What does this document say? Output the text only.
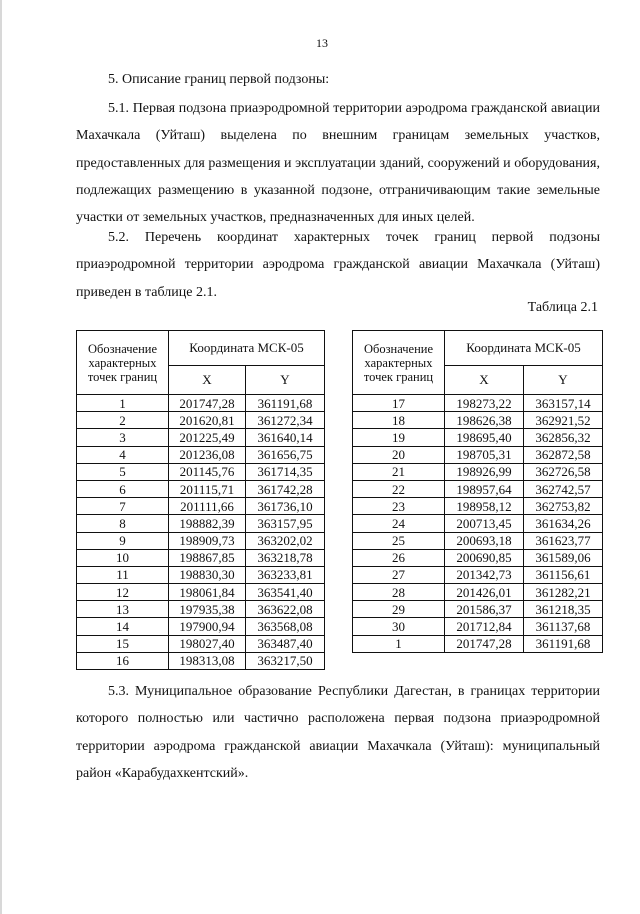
13
5. Описание границ первой подзоны:

5.1. Первая подзона приаэродромной территории аэродрома гражданской авиации Махачкала (Уйташ) выделена по внешним границам земельных участков, предоставленных для размещения и эксплуатации зданий, сооружений и оборудования, подлежащих размещению в указанной подзоне, отграничивающим такие земельные участки от земельных участков, предназначенных для иных целей.

5.2. Перечень координат характерных точек границ первой подзоны приаэродромной территории аэродрома гражданской авиации Махачкала (Уйташ) приведен в таблице 2.1.

Таблица 2.1
Обозначение характерных точек границ	Координата МСК-05	
	X	Y
1	201747,28	361191,68
2	201620,81	361272,34
3	201225,49	361640,14
4	201236,08	361656,75
5	201145,76	361714,35
6	201115,71	361742,28
7	201111,66	361736,10
8	198882,39	363157,95
9	198909,73	363202,02
10	198867,85	363218,78
11	198830,30	363233,81
12	198061,84	363541,40
13	197935,38	363622,08
14	197900,94	363568,08
15	198027,40	363487,40
16	198313,08	363217,50
Обозначение характерных точек границ	Координата МСК-05	
	X	Y
17	198273,22	363157,14
18	198626,38	362921,52
19	198695,40	362856,32
20	198705,31	362872,58
21	198926,99	362726,58
22	198957,64	362742,57
23	198958,12	362753,82
24	200713,45	361634,26
25	200693,18	361623,77
26	200690,85	361589,06
27	201342,73	361156,61
28	201426,01	361282,21
29	201586,37	361218,35
30	201712,84	361137,68
1	201747,28	361191,68

5.3. Муниципальное образование Республики Дагестан, в границах территории которого полностью или частично расположена первая подзона приаэродромной территории аэродрома гражданской авиации Махачкала (Уйташ): муниципальный район «Карабудахкентский».
